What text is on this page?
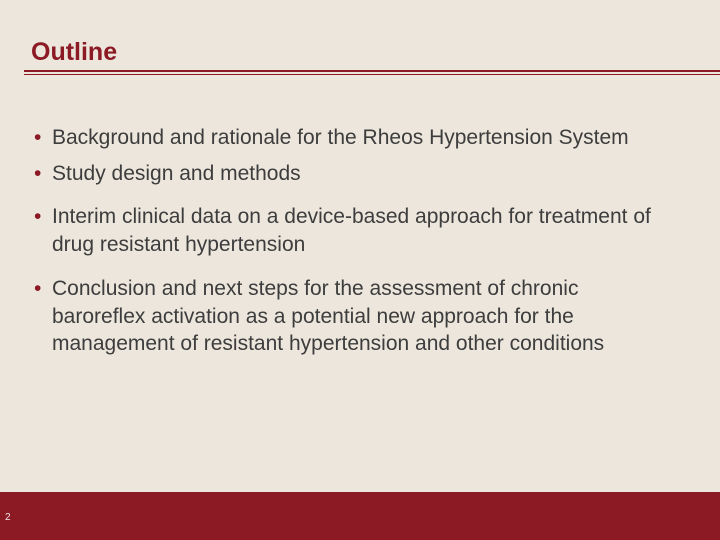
Outline
• Background and rationale for the Rheos Hypertension System
• Study design and methods
• Interim clinical data on a device-based approach for treatment of drug resistant hypertension
• Conclusion and next steps for the assessment of chronic baroreflex activation as a potential new approach for the management of resistant hypertension and other conditions
2
